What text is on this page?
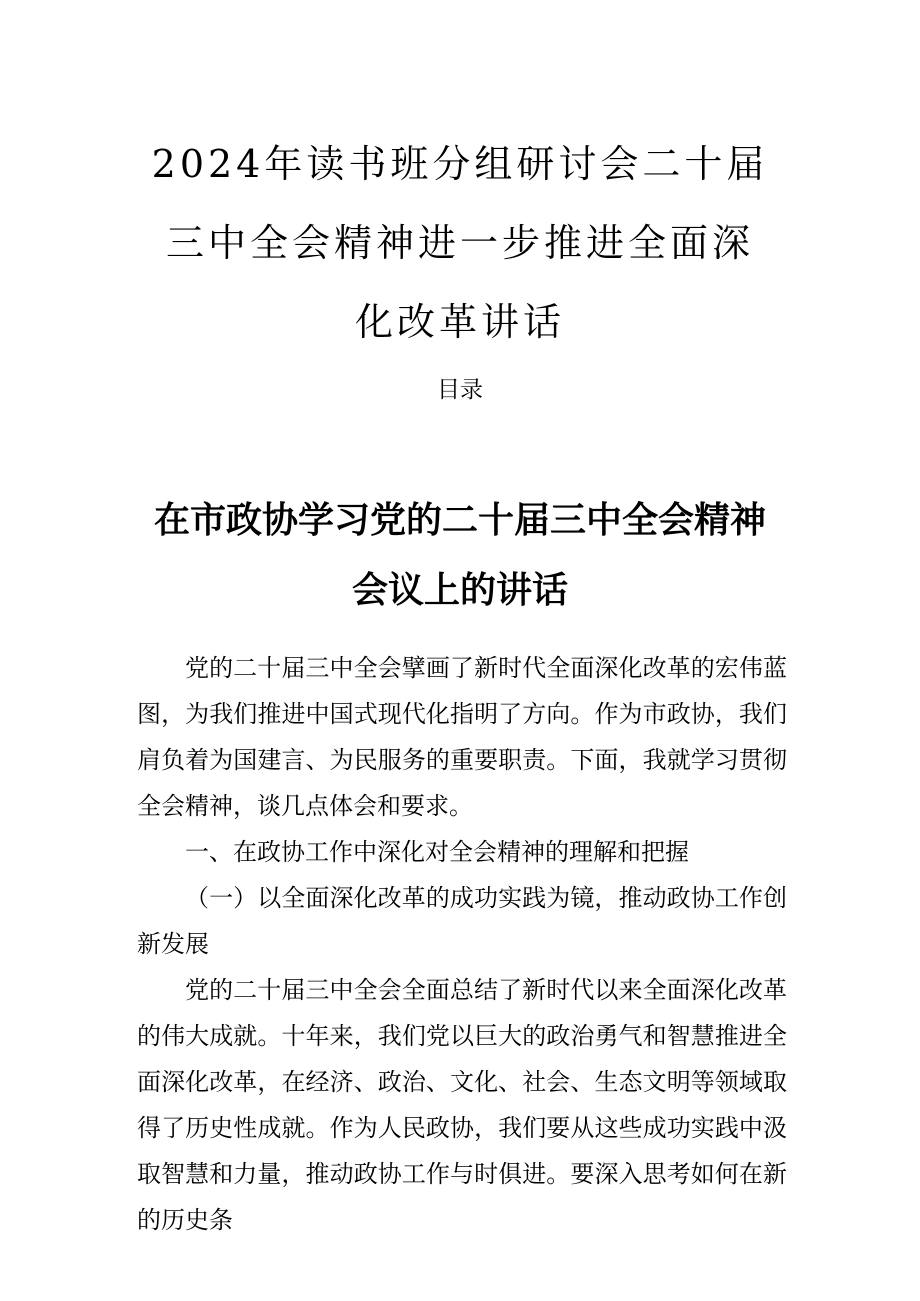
2024年读书班分组研讨会二十届三中全会精神进一步推进全面深化改革讲话
目录
在市政协学习党的二十届三中全会精神会议上的讲话

党的二十届三中全会擘画了新时代全面深化改革的宏伟蓝图，为我们推进中国式现代化指明了方向。作为市政协，我们肩负着为国建言、为民服务的重要职责。下面，我就学习贯彻全会精神，谈几点体会和要求。

一、在政协工作中深化对全会精神的理解和把握

（一）以全面深化改革的成功实践为镜，推动政协工作创新发展

党的二十届三中全会全面总结了新时代以来全面深化改革的伟大成就。十年来，我们党以巨大的政治勇气和智慧推进全面深化改革，在经济、政治、文化、社会、生态文明等领域取得了历史性成就。作为人民政协，我们要从这些成功实践中汲取智慧和力量，推动政协工作与时俱进。要深入思考如何在新的历史条
